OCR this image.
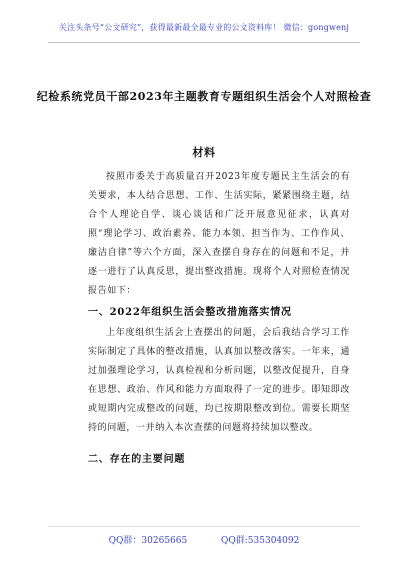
关注头条号“公文研究”，获得最新最全最专业的公文资料库！ 微信：gongwenj
纪检系统党员干部2023年主题教育专题组织生活会个人对照检查材料

按照市委关于高质量召开2023年度专题民主生活会的有关要求，本人结合思想、工作、生活实际，紧紧围绕主题，结合个人理论自学、谈心谈话和广泛开展意见征求，认真对照“理论学习、政治素养、能力本领、担当作为、工作作风、廉洁自律”等六个方面，深入查摆自身存在的问题和不足，并逐一进行了认真反思，提出整改措施。现将个人对照检查情况报告如下：

一、2022年组织生活会整改措施落实情况

上年度组织生活会上查摆出的问题，会后我结合学习工作实际制定了具体的整改措施，认真加以整改落实。一年来，通过加强理论学习，认真检视和分析问题，以整改促提升，自身在思想、政治、作风和能力方面取得了一定的进步。即知即改或短期内完成整改的问题，均已按期限整改到位。需要长期坚持的问题，一并纳入本次查摆的问题将持续加以整改。

二、存在的主要问题
QQ群：30265665	QQ群:535304092
